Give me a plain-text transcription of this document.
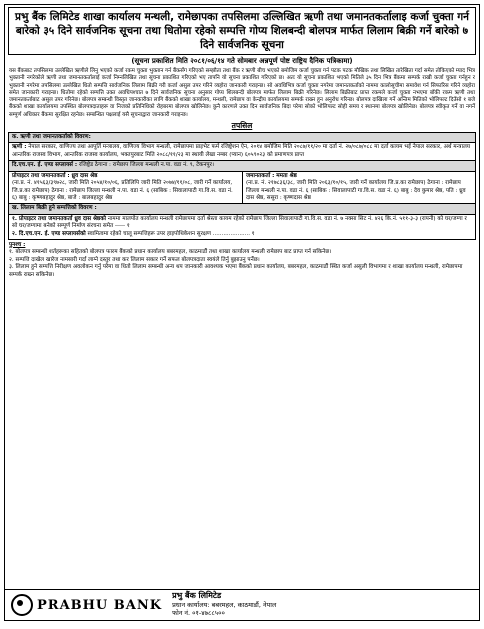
प्रभु बैंक लिमिटेड शाखा कार्यालय मन्थली, रामेछापका तपसिलमा उल्लिखित ऋणी तथा जमानतकर्तालाइ कर्जा चुक्ता गर्न बारेको ३५ दिने सार्वजनिक सूचना तथा धितोमा रहेको सम्पत्ति गोप्य शिलबन्दी बोलपत्र मार्फत लिलाम बिक्री गर्ने बारेको ७ दिने सार्वजनिक सूचना
(सूचना प्रकाशित मिति २०८१/०६/१४ गते सोमबार अन्नपूर्ण पोष्ट राष्ट्रिय दैनिक पत्रिकामा)

यस बैंकबाट तपसिलमा उल्लेखित ऋणीले लिनु भएको कर्जा रकम चुक्ता भुक्तान गर्न बैंकसँग गरिएको सम्झौता तथा बैंक र ऋणी बीच भएको बमोजिम कर्जा चुक्ता गर्न पटक पटक मौखिक तथा लिखित तारेखिता गर्दा समेत तोकिएको म्याद भित्र भुक्तानी नगरेकोले ऋणी तथा जमानतकर्तालाई कर्जा निम्नलिखित तथा सूचना प्रकाशित गरिएको भए तापनि यो सूचना प्रकाशित गरिएको छ। अतः यो सूचना प्रकाशित भएको मितिले ३५ दिन भित्र बैंकमा सम्पर्क राखी कर्जा चुक्ता गर्नहुन र भुक्तानी नगरेमा तपसिलमा उल्लेखित धितो सम्पत्ति सार्वजनिक लिलाम बिक्री गरी कर्जा असुल उपर गरिने व्यहोरा जानकारी गराइन्छ। सो अवधिभित्र कर्जा चुक्ता नगरेमा जमानतकर्ताको नाममा कालोसूचीमा समावेश गर्न सिफारिस गरिने व्यहोरा समेत जानकारी गराइन्छ। धितोमा रहेको सम्पत्ति उक्त अवधिपश्चात ७ दिने सार्वजनिक सूचना अनुसार गोप्य शिलबन्दी बोलपत्र मार्फत लिलाम बिक्री गरिनेछ। लिलाम बिक्रीबाट प्राप्त रकमले कर्जा चुक्ता नभएमा बाँकी रकम ऋणी तथा जमानतकर्ताबाट असुल उपर गरिनेछ। बोलपत्र सम्बन्धी विस्तृत जानकारीका लागि बैंकको शाखा कार्यालय, मन्थली, रामेछाप वा केन्द्रीय कार्यालयमा सम्पर्क राख्न हुन अनुरोध गरिन्छ। बोलपत्र दाखिला गर्ने अन्तिम मितिको भोलिपल्ट दिउँसो १ बजे बैंकको शाखा कार्यालयमा उपस्थित बोलपत्रदाताहरू वा निजको प्रतिनिधिको रोहबरमा बोलपत्र खोलिनेछ। कुनै कारणले उक्त दिन सार्वजनिक बिदा परेमा सोको भोलिपल्ट सोही समय र स्थानमा बोलपत्र खोलिनेछ। बोलपत्र स्वीकृत गर्ने वा नगर्ने सम्पूर्ण अधिकार बैंकमा सुरक्षित रहनेछ। सम्बन्धित पक्षलाई यसै सूचनाद्वारा जानकारी गराइन्छ।

तपसिल
क. ऋणी तथा जमानतकर्ताको विवरण:
ऋणी : नेपाल सरकार, वाणिज्य तथा आपूर्ति मन्त्रालय, वाणिज्य विभाग मन्थली, रामेछापमा प्राइभेट फर्म रजिष्ट्रेशन ऐन, २०१४ बमोजिम मिति २०८७/११/२० मा दर्ता नं. २७/०८७/०८८ मा दर्ता कायम भई नेपाल सरकार, अर्थ मन्त्रालय आन्तरिक राजस्व विभाग, आन्तरिक राजस्व कार्यालय, भक्तपुरबाट मिति २०८८/११/२३ मा स्थायी लेखा नम्बर (प्यान) ६०५९०२३ को प्रमाणपत्र प्राप्त
दि.एच.एन. ई. एण्ड सप्लायर्स : रजिष्ट्रेड ठेगाना : रामेछाप जिल्ला मन्थली न.पा. वडा नं. ९, टेकनपुर।
प्रोपाइटर तथा जमानतकर्ता : ध्रुव दास श्रेष्ठ
(ना.प्र. नं. ४१५६३/३९७२८, जारी मिति २०५४/१०/०६, प्रतिलिपि जारी मिति २०७४/११/०८, जारी गर्ने कार्यालय, जि.प्र.का रामेछाप) ठेगाना : रामेछाप जिल्ला मन्थली न.पा. वडा नं. ६ (साबिक : सिवालापाटी गा.वि.स. वडा नं. ६) बाबु : कृष्णबहादुर श्रेष्ठ, बाजे : बालबहादुर श्रेष्ठ
जमानतकर्ता : ममता श्रेष्ठ
(ना.प्र. नं. २१७८३६/३८, जारी मिति २०६३/१०/१५, जारी गर्ने कार्यालय जि.प्र.का रामेछाप) ठेगाना : रामेछाप जिल्ला मन्थली न.पा. वडा नं. ६ (साबिक : सिवालापाटी गा.वि.स. वडा नं. ६) बाबु : देव कुमार श्रेष्ठ, पति : ध्रुव दास श्रेष्ठ, ससुरा : कृष्णदास श्रेष्ठ
ख. लिलाम बिक्री हुने सम्पत्तिको विवरण :
१. प्रोपाइटर तथा जमानतकर्ता ध्रुव दास श्रेष्ठको नाममा मालपोत कार्यालय मन्थली रामेछापमा दर्ता श्रेस्ता कायम रहेको रामेछाप जिल्ला सिवालापाटी गा.वि.स. वडा नं. ७ नक्सा सिट नं. ४२६ कि.नं. ५११-३-३ (रापनी) को घर/जग्गा र सो घर/जग्गामा बनेको सम्पूर्ण निर्माण संरचना समेत ----- १
२. दि.एच.एन. ई. एण्ड सप्लायर्सको स्वामित्वमा रहेको चालू सम्पत्तिहरू उपर हाइपोथिकेशन सुरक्षण ..................... १
पुनश्च :
१. बोलपत्र सम्बन्धी शर्तहरूका सहितको बोलपत्र फारम बैंकको प्रधान कार्यालय बबरमहल, काठमाडौं तथा शाखा कार्यालय मन्थली रामेछाप बाट प्राप्त गर्न सकिनेछ।
२. सम्पत्ति दाखेल खारेज नामसारी गर्दा लाग्ने दस्तुर तथा कर लिलाम सकार गर्ने सफल बोलपत्रदाता स्वयंले तिर्नु बुझाउनु पर्नेछ।
३. लिलाम हुने सम्पत्ति निरीक्षण अवलोकन गर्नु परेमा वा धितो लिलाम सम्बन्धी अन्य थप जानकारी आवश्यक भएमा बैंकको प्रधान कार्यालय, बबरमहल, काठमाडौं स्थित कर्जा असुली विभागमा र शाखा कार्यालय मन्थली, रामेछापमा सम्पर्क राख्न सकिनेछ।
PRABHU BANK
प्रभु बैंक लिमिटेड
प्रधान कार्यालय: बबरमहल, काठमाडौं, नेपाल
फोन नं. ०१-४७८८५००
